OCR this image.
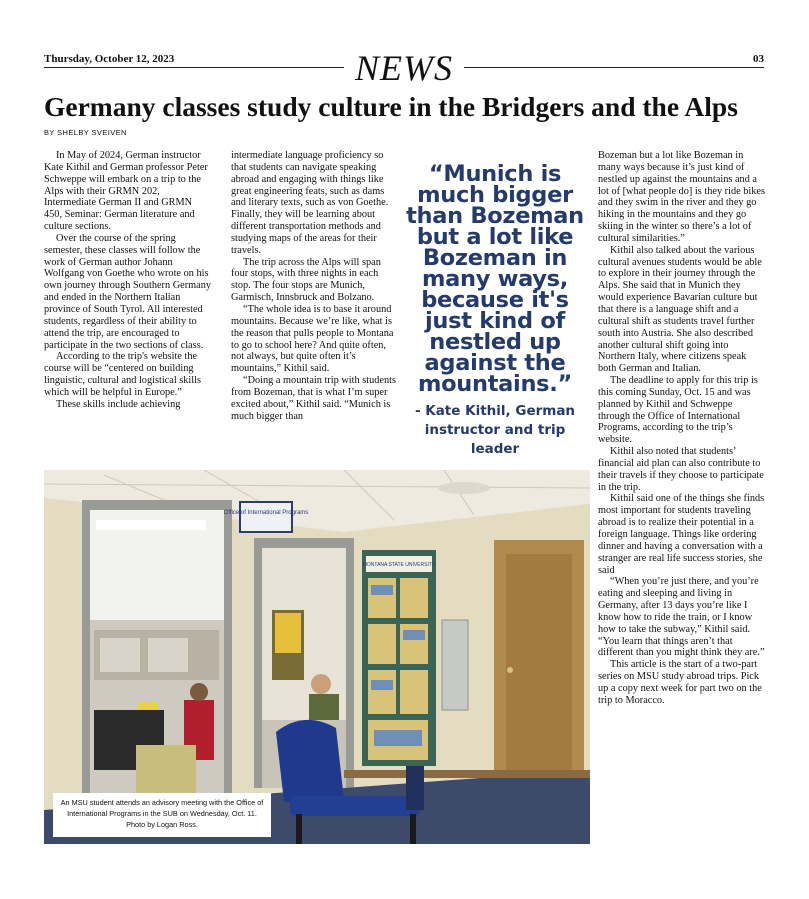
Thursday, October 12, 2023	NEWS	03
Germany classes study culture in the Bridgers and the Alps
BY SHELBY SVEIVEN

In May of 2024, German instructor Kate Kithil and German professor Peter Schweppe will embark on a trip to the Alps with their GRMN 202, Intermediate German II and GRMN 450, Seminar: German literature and culture sections.

Over the course of the spring semester, these classes will follow the work of German author Johann Wolfgang von Goethe who wrote on his own journey through Southern Germany and ended in the Northern Italian province of South Tyrol. All interested students, regardless of their ability to attend the trip, are encouraged to participate in the two sections of class.

According to the trip's website the course will be “centered on building linguistic, cultural and logistical skills which will be helpful in Europe.”

These skills include achieving

intermediate language proficiency so that students can navigate speaking abroad and engaging with things like great engineering feats, such as dams and literary texts, such as von Goethe. Finally, they will be learning about different transportation methods and studying maps of the areas for their travels.

The trip across the Alps will span four stops, with three nights in each stop. The four stops are Munich, Garmisch, Innsbruck and Bolzano.

“The whole idea is to base it around mountains. Because we’re like, what is the reason that pulls people to Montana to go to school here? And quite often, not always, but quite often it’s mountains,” Kithil said.

“Doing a mountain trip with students from Bozeman, that is what I’m super excited about,” Kithil said. “Munich is much bigger than

“Munich is much bigger than Bozeman but a lot like Bozeman in many ways, because it's just kind of nestled up against the mountains.”
- Kate Kithil, German instructor and trip leader

Bozeman but a lot like Bozeman in many ways because it’s just kind of nestled up against the mountains and a lot of [what people do] is they ride bikes and they swim in the river and they go hiking in the mountains and they go skiing in the winter so there’s a lot of cultural similarities.”

Kithil also talked about the various cultural avenues students would be able to explore in their journey through the Alps. She said that in Munich they would experience Bavarian culture but that there is a language shift and a cultural shift as students travel further south into Austria. She also described another cultural shift going into Northern Italy, where citizens speak both German and Italian.

The deadline to apply for this trip is this coming Sunday, Oct. 15 and was planned by Kithil and Schweppe through the Office of International Programs, according to the trip’s website.

Kithil also noted that students’ financial aid plan can also contribute to their travels if they choose to participate in the trip.

Kithil said one of the things she finds most important for students traveling abroad is to realize their potential in a foreign language. Things like ordering dinner and having a conversation with a stranger are real life success stories, she said

“When you’re just there, and you’re eating and sleeping and living in Germany, after 13 days you’re like I know how to ride the train, or I know how to take the subway,” Kithil said. “You learn that things aren’t that different than you might think they are.”

This article is the start of a two-part series on MSU study abroad trips. Pick up a copy next week for part two on the trip to Moracco.

Office of International Programs
MONTANA STATE UNIVERSITY
An MSU student attends an advisory meeting with the Office of International Programs in the SUB on Wednesday, Oct. 11. Photo by Logan Ross.
